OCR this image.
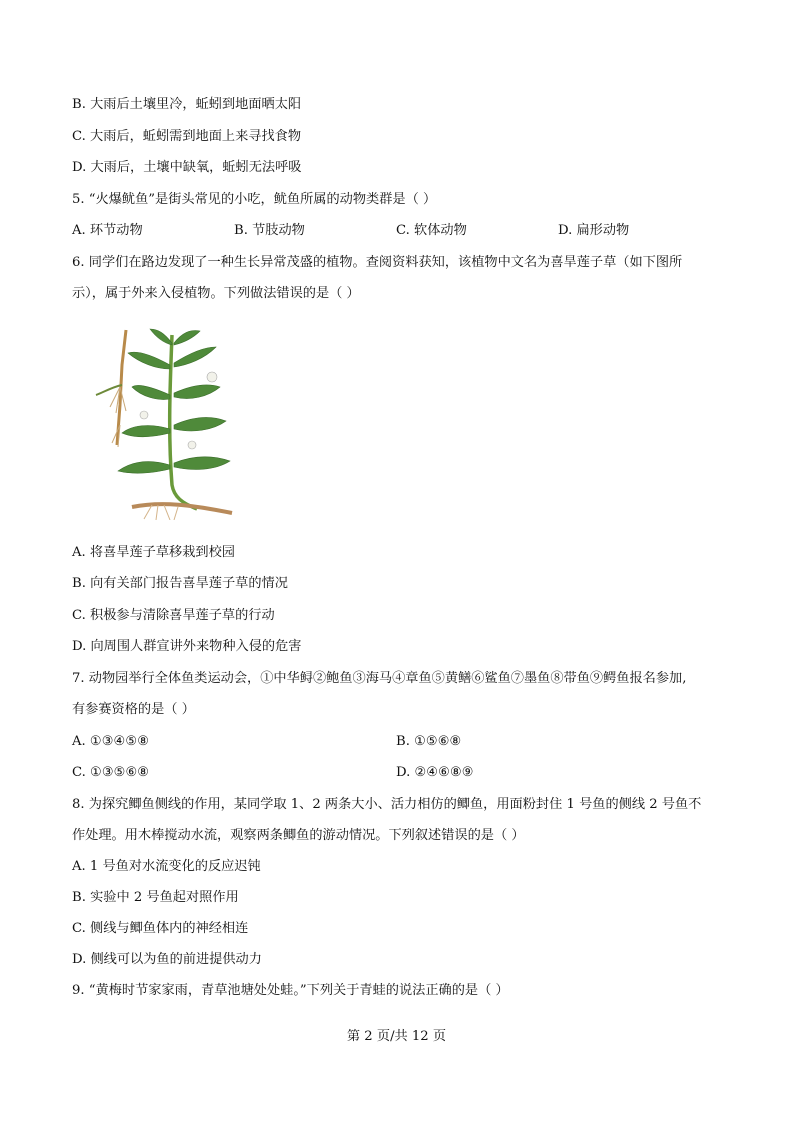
B. 大雨后土壤里冷，蚯蚓到地面晒太阳
C. 大雨后，蚯蚓需到地面上来寻找食物
D. 大雨后，土壤中缺氧，蚯蚓无法呼吸
5. “火爆鱿鱼”是街头常见的小吃，鱿鱼所属的动物类群是（ ）
A. 环节动物	B. 节肢动物	C. 软体动物	D. 扁形动物
6. 同学们在路边发现了一种生长异常茂盛的植物。查阅资料获知，该植物中文名为喜旱莲子草（如下图所
示），属于外来入侵植物。下列做法错误的是（ ）
A. 将喜旱莲子草移栽到校园
B. 向有关部门报告喜旱莲子草的情况
C. 积极参与清除喜旱莲子草的行动
D. 向周围人群宣讲外来物种入侵的危害
7. 动物园举行全体鱼类运动会，①中华鲟②鲍鱼③海马④章鱼⑤黄鳝⑥鲨鱼⑦墨鱼⑧带鱼⑨鳄鱼报名参加,
有参赛资格的是（ ）
A. ①③④⑤⑧	B. ①⑤⑥⑧
C. ①③⑤⑥⑧	D. ②④⑥⑧⑨
8. 为探究鲫鱼侧线的作用，某同学取 1、2 两条大小、活力相仿的鲫鱼，用面粉封住 1 号鱼的侧线 2 号鱼不
作处理。用木棒搅动水流，观察两条鲫鱼的游动情况。下列叙述错误的是（ ）
A. 1 号鱼对水流变化的反应迟钝
B. 实验中 2 号鱼起对照作用
C. 侧线与鲫鱼体内的神经相连
D. 侧线可以为鱼的前进提供动力
9. “黄梅时节家家雨，青草池塘处处蛙。”下列关于青蛙的说法正确的是（ ）
第 2 页/共 12 页
